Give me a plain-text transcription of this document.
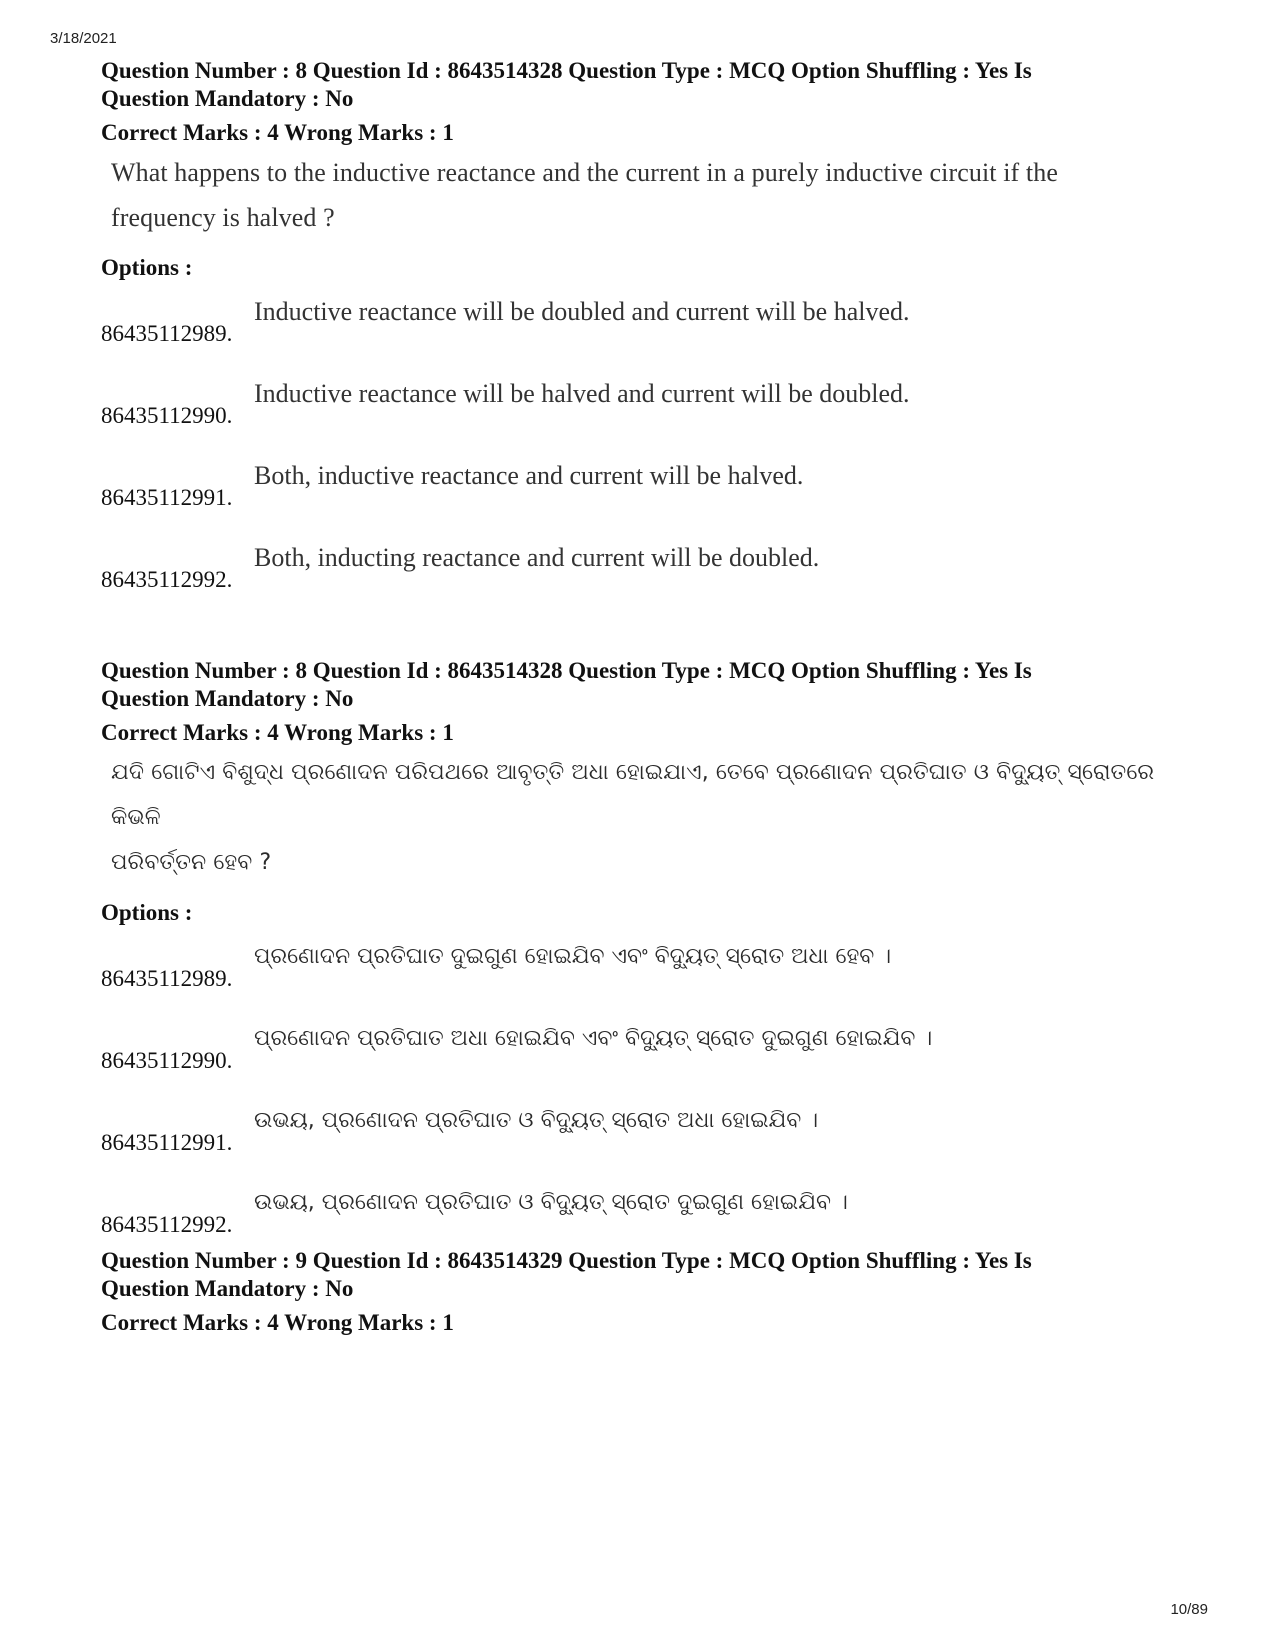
3/18/2021
Question Number : 8 Question Id : 8643514328 Question Type : MCQ Option Shuffling : Yes Is
Question Mandatory : No
Correct Marks : 4 Wrong Marks : 1
What happens to the inductive reactance and the current in a purely inductive circuit if the
frequency is halved ?
Options :
86435112989.
Inductive reactance will be doubled and current will be halved.
86435112990.
Inductive reactance will be halved and current will be doubled.
86435112991.
Both, inductive reactance and current will be halved.
86435112992.
Both, inducting reactance and current will be doubled.
Question Number : 8 Question Id : 8643514328 Question Type : MCQ Option Shuffling : Yes Is
Question Mandatory : No
Correct Marks : 4 Wrong Marks : 1
ଯଦି ଗୋଟିଏ ବିଶୁଦ୍ଧ ପ୍ରଣୋଦନ ପରିପଥରେ ଆବୃତ୍ତି ଅଧା ହୋଇଯାଏ, ତେବେ ପ୍ରଣୋଦନ ପ୍ରତିଘାତ ଓ ବିଦ୍ୟୁତ୍ ସ୍ରୋତରେ କିଭଳି
ପରିବର୍ତ୍ତନ ହେବ ?
Options :
86435112989.
ପ୍ରଣୋଦନ ପ୍ରତିଘାତ ଦୁଇଗୁଣ ହୋଇଯିବ ଏବଂ ବିଦ୍ୟୁତ୍ ସ୍ରୋତ ଅଧା ହେବ ।
86435112990.
ପ୍ରଣୋଦନ ପ୍ରତିଘାତ ଅଧା ହୋଇଯିବ ଏବଂ ବିଦ୍ୟୁତ୍ ସ୍ରୋତ ଦୁଇଗୁଣ ହୋଇଯିବ ।
86435112991.
ଉଭୟ, ପ୍ରଣୋଦନ ପ୍ରତିଘାତ ଓ ବିଦ୍ୟୁତ୍ ସ୍ରୋତ ଅଧା ହୋଇଯିବ ।
86435112992.
ଉଭୟ, ପ୍ରଣୋଦନ ପ୍ରତିଘାତ ଓ ବିଦ୍ୟୁତ୍ ସ୍ରୋତ ଦୁଇଗୁଣ ହୋଇଯିବ ।
Question Number : 9 Question Id : 8643514329 Question Type : MCQ Option Shuffling : Yes Is
Question Mandatory : No
Correct Marks : 4 Wrong Marks : 1
10/89
